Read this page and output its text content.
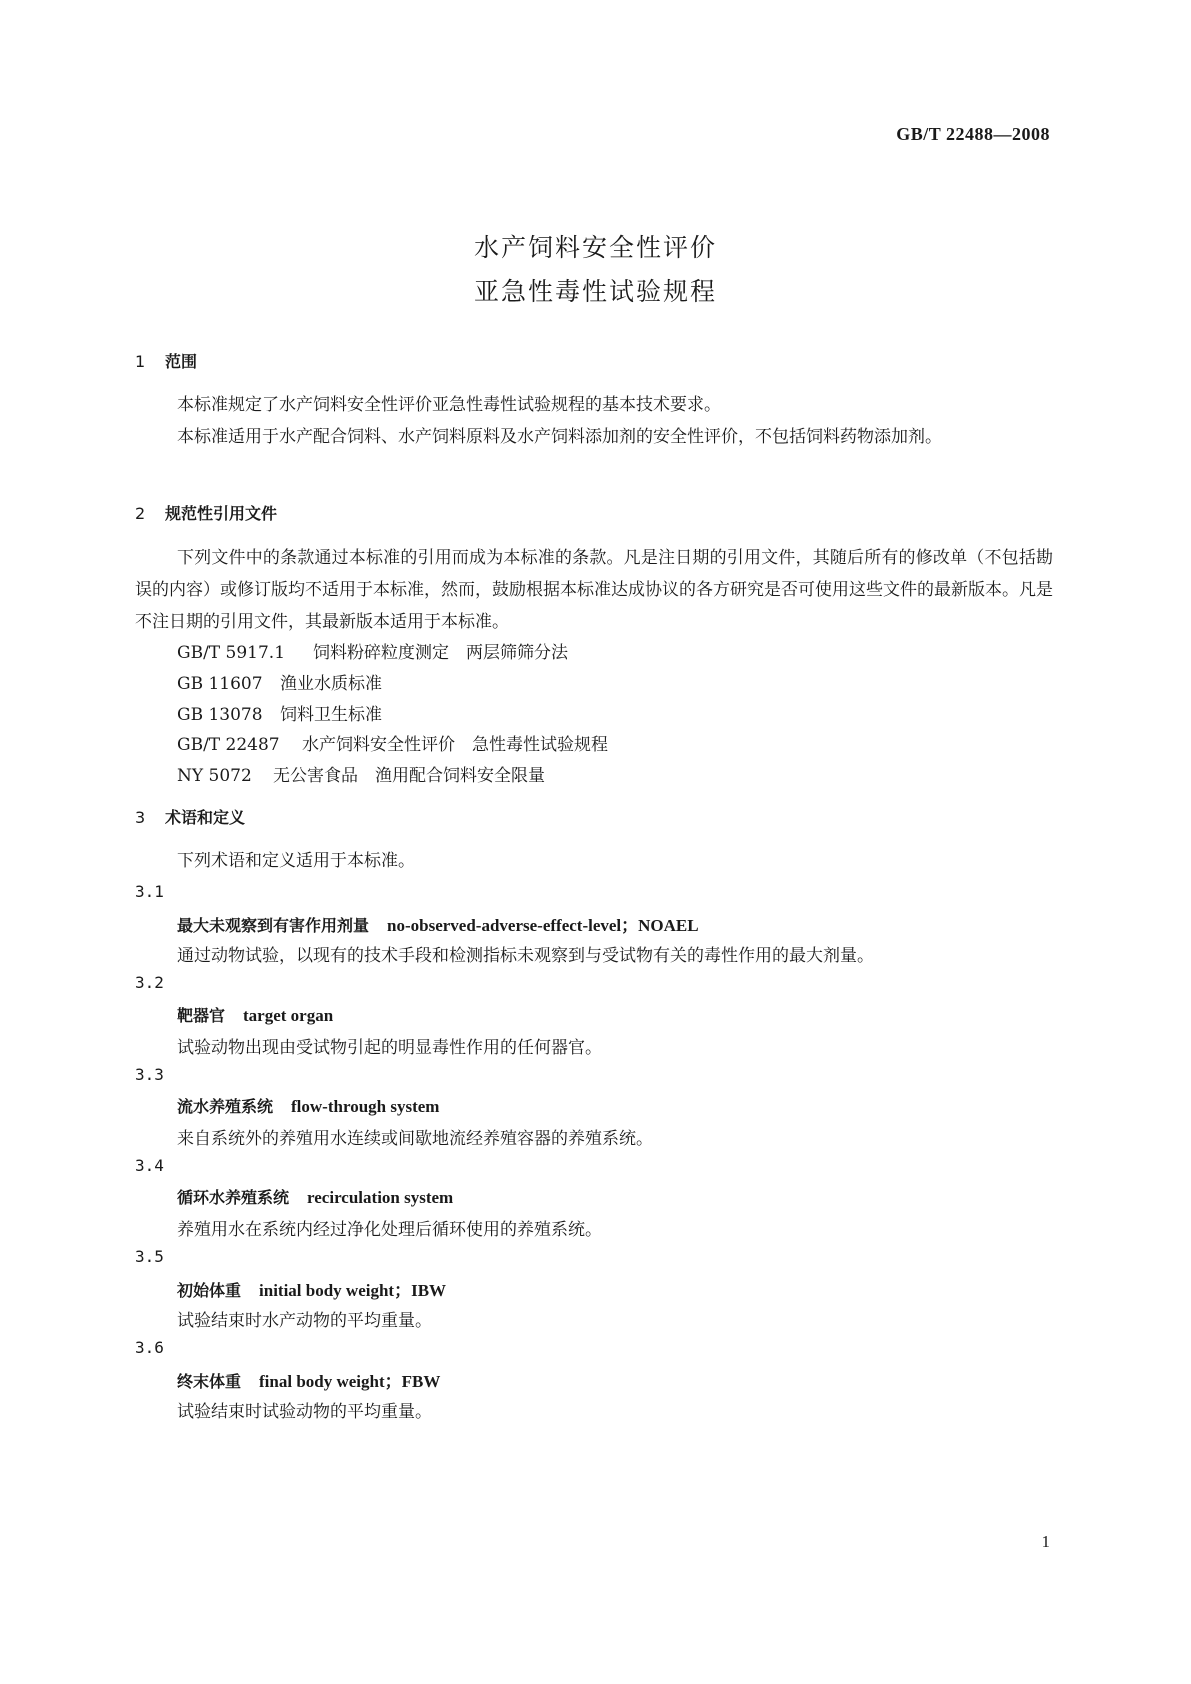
GB/T 22488—2008
水产饲料安全性评价
亚急性毒性试验规程
1 范围
本标准规定了水产饲料安全性评价亚急性毒性试验规程的基本技术要求。
本标准适用于水产配合饲料、水产饲料原料及水产饲料添加剂的安全性评价，不包括饲料药物添加剂。
2 规范性引用文件
下列文件中的条款通过本标准的引用而成为本标准的条款。凡是注日期的引用文件，其随后所有的修改单（不包括勘误的内容）或修订版均不适用于本标准，然而，鼓励根据本标准达成协议的各方研究是否可使用这些文件的最新版本。凡是不注日期的引用文件，其最新版本适用于本标准。
GB/T 5917.1 饲料粉碎粒度测定　两层筛筛分法
GB 11607 渔业水质标准
GB 13078 饲料卫生标准
GB/T 22487 水产饲料安全性评价　急性毒性试验规程
NY 5072 无公害食品　渔用配合饲料安全限量
3 术语和定义
下列术语和定义适用于本标准。
3.1
最大未观察到有害作用剂量 no-observed-adverse-effect-level；NOAEL
通过动物试验，以现有的技术手段和检测指标未观察到与受试物有关的毒性作用的最大剂量。
3.2
靶器官 target organ
试验动物出现由受试物引起的明显毒性作用的任何器官。
3.3
流水养殖系统 flow-through system
来自系统外的养殖用水连续或间歇地流经养殖容器的养殖系统。
3.4
循环水养殖系统 recirculation system
养殖用水在系统内经过净化处理后循环使用的养殖系统。
3.5
初始体重 initial body weight；IBW
试验结束时水产动物的平均重量。
3.6
终末体重 final body weight；FBW
试验结束时试验动物的平均重量。
1
